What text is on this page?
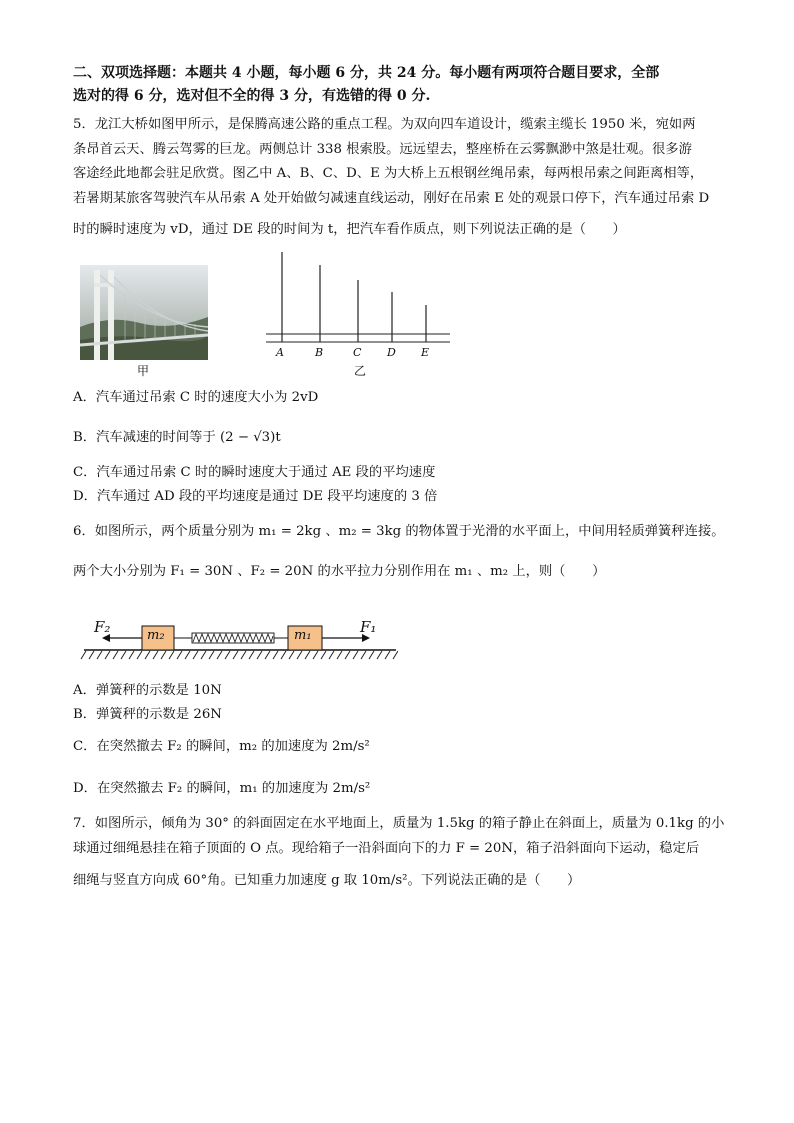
二、双项选择题：本题共 4 小题，每小题 6 分，共 24 分。每小题有两项符合题目要求，全部
选对的得 6 分，选对但不全的得 3 分，有选错的得 0 分.
5．龙江大桥如图甲所示，是保腾高速公路的重点工程。为双向四车道设计，缆索主缆长 1950 米，宛如两
条昂首云天、腾云驾雾的巨龙。两侧总计 338 根索股。远远望去，整座桥在云雾飘渺中煞是壮观。很多游
客途经此地都会驻足欣赏。图乙中 A、B、C、D、E 为大桥上五根钢丝绳吊索，每两根吊索之间距离相等，
若暑期某旅客驾驶汽车从吊索 A 处开始做匀减速直线运动，刚好在吊索 E 处的观景口停下，汽车通过吊索 D
时的瞬时速度为 vD，通过 DE 段的时间为 t，把汽车看作质点，则下列说法正确的是（　　）
甲
A	B	C D E
乙
A．汽车通过吊索 C 时的速度大小为 2vD
B．汽车减速的时间等于 (2 − √3)t
C．汽车通过吊索 C 时的瞬时速度大于通过 AE 段的平均速度
D．汽车通过 AD 段的平均速度是通过 DE 段平均速度的 3 倍
6．如图所示，两个质量分别为 m₁ = 2kg 、m₂ = 3kg 的物体置于光滑的水平面上，中间用轻质弹簧秤连接。
两个大小分别为 F₁ = 30N 、F₂ = 20N 的水平拉力分别作用在 m₁ 、m₂ 上，则（　　）
F₂	m₂	m₁	F₁
A．弹簧秤的示数是 10N
B．弹簧秤的示数是 26N
C．在突然撤去 F₂ 的瞬间，m₂ 的加速度为 2m/s²
D．在突然撤去 F₂ 的瞬间，m₁ 的加速度为 2m/s²
7．如图所示，倾角为 30° 的斜面固定在水平地面上，质量为 1.5kg 的箱子静止在斜面上，质量为 0.1kg 的小
球通过细绳悬挂在箱子顶面的 O 点。现给箱子一沿斜面向下的力 F = 20N，箱子沿斜面向下运动，稳定后
细绳与竖直方向成 60°角。已知重力加速度 g 取 10m/s²。下列说法正确的是（　　）
